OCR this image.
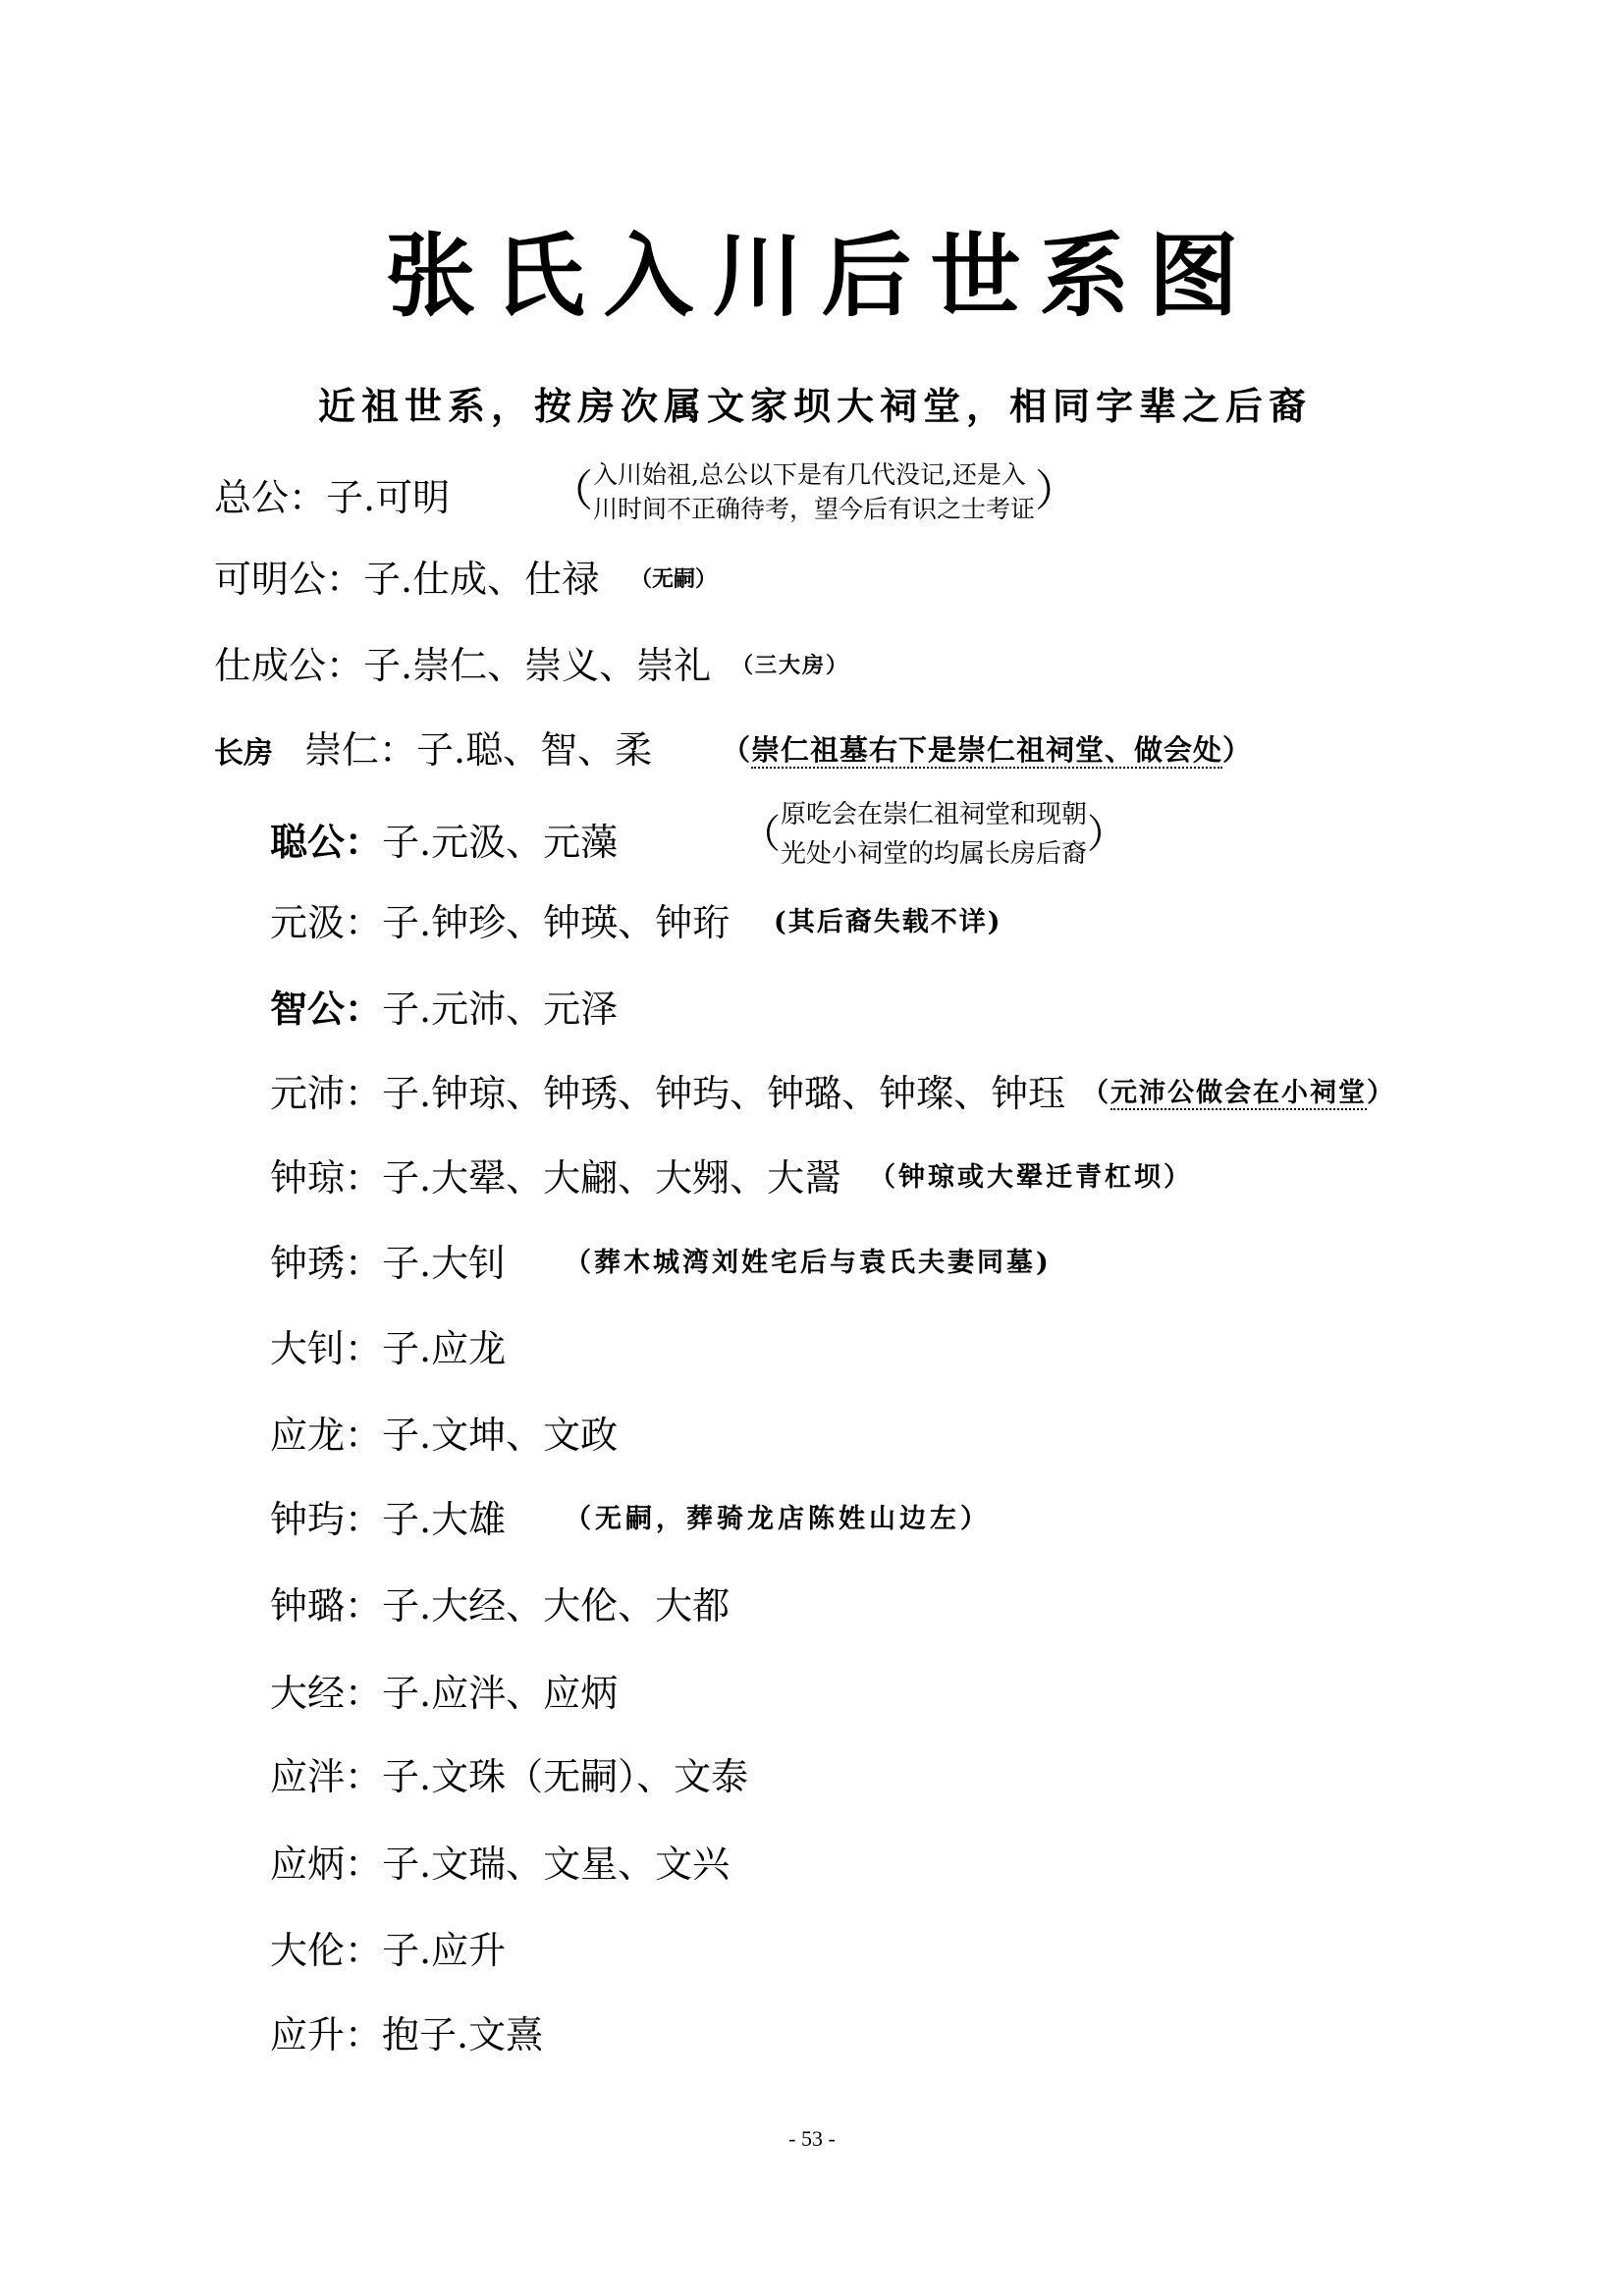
张氏入川后世系图
近祖世系，按房次属文家坝大祠堂，相同字辈之后裔
总公：子.可明 （ 入川始祖,总公以下是有几代没记,还是入
川时间不正确待考，望今后有识之士考证 ）
可明公：子.仕成、仕禄 （无嗣）
仕成公：子.崇仁、崇义、崇礼 （三大房）
长房 崇仁：子.聪、智、柔 （崇仁祖墓右下是崇仁祖祠堂、做会处）
聪公：子.元汲、元藻	（ 原吃会在崇仁祖祠堂和现朝
光处小祠堂的均属长房后裔 ）
元汲：子.钟珍、钟瑛、钟珩 (其后裔失载不详)
智公：子.元沛、元泽
元沛：子.钟琼、钟琇、钟玙、钟璐、钟璨、钟珏 （元沛公做会在小祠堂）
钟琼：子.大翚、大翩、大翙、大翯 （钟琼或大翚迁青杠坝）
钟琇：子.大钊 （葬木城湾刘姓宅后与袁氏夫妻同墓)
大钊：子.应龙
应龙：子.文坤、文政
钟玙：子.大雄 （无嗣，葬骑龙店陈姓山边左）
钟璐：子.大经、大伦、大都
大经：子.应泮、应炳
应泮：子.文珠（无嗣）、文泰
应炳：子.文瑞、文星、文兴
大伦：子.应升
应升：抱子.文熹
- 53 -
